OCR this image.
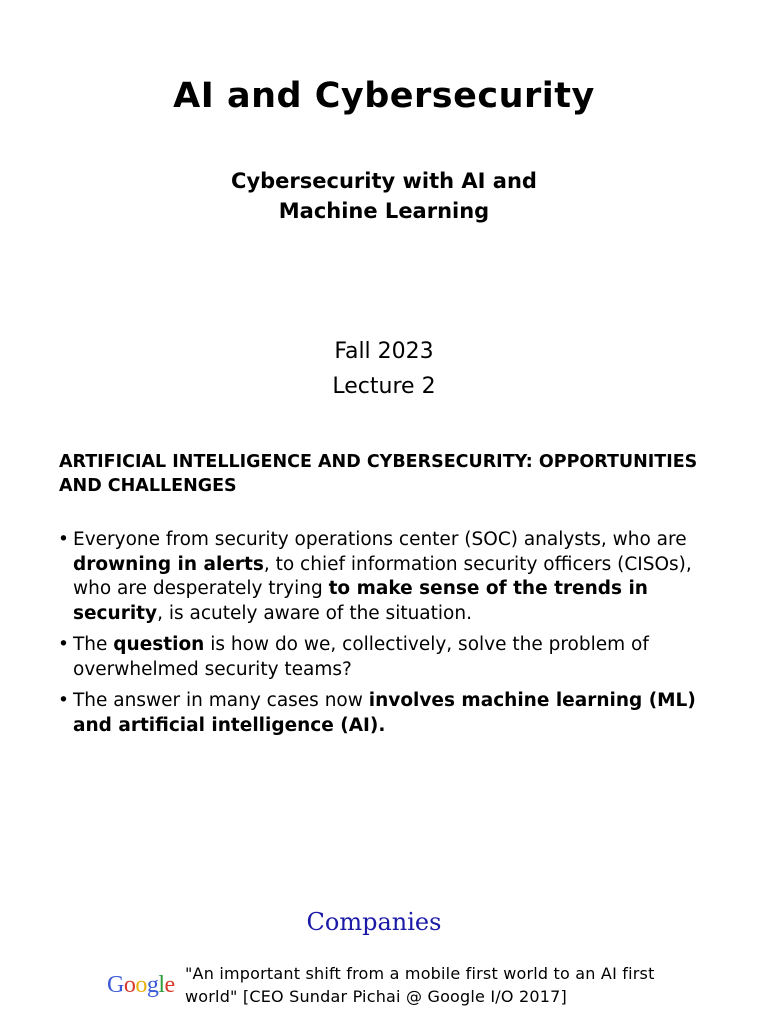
AI and Cybersecurity
Cybersecurity with AI and
Machine Learning
Fall 2023
Lecture 2
ARTIFICIAL INTELLIGENCE AND CYBERSECURITY: OPPORTUNITIES AND CHALLENGES
• Everyone from security operations center (SOC) analysts, who are drowning in alerts, to chief information security officers (CISOs), who are desperately trying to make sense of the trends in security, is acutely aware of the situation.
• The question is how do we, collectively, solve the problem of overwhelmed security teams?
• The answer in many cases now involves machine learning (ML) and artificial intelligence (AI).
Companies
Google "An important shift from a mobile first world to an AI first world" [CEO Sundar Pichai @ Google I/O 2017]
